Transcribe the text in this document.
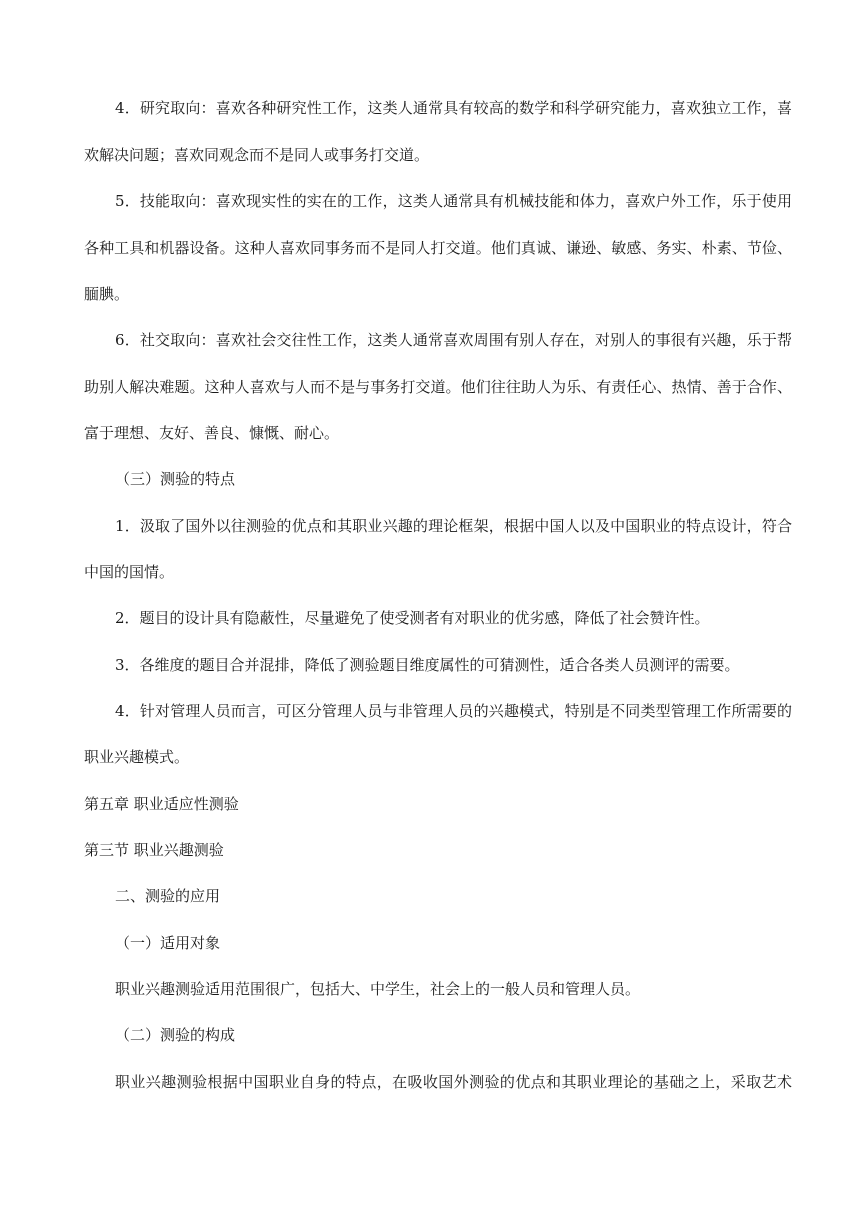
4．研究取向：喜欢各种研究性工作，这类人通常具有较高的数学和科学研究能力，喜欢独立工作，喜
欢解决问题；喜欢同观念而不是同人或事务打交道。
5．技能取向：喜欢现实性的实在的工作，这类人通常具有机械技能和体力，喜欢户外工作，乐于使用
各种工具和机器设备。这种人喜欢同事务而不是同人打交道。他们真诚、谦逊、敏感、务实、朴素、节俭、
腼腆。
6．社交取向：喜欢社会交往性工作，这类人通常喜欢周围有别人存在，对别人的事很有兴趣，乐于帮
助别人解决难题。这种人喜欢与人而不是与事务打交道。他们往往助人为乐、有责任心、热情、善于合作、
富于理想、友好、善良、慷慨、耐心。
（三）测验的特点
1．汲取了国外以往测验的优点和其职业兴趣的理论框架，根据中国人以及中国职业的特点设计，符合
中国的国情。
2．题目的设计具有隐蔽性，尽量避免了使受测者有对职业的优劣感，降低了社会赞许性。
3．各维度的题目合并混排，降低了测验题目维度属性的可猜测性，适合各类人员测评的需要。
4．针对管理人员而言，可区分管理人员与非管理人员的兴趣模式，特别是不同类型管理工作所需要的
职业兴趣模式。
第五章 职业适应性测验
第三节 职业兴趣测验
二、测验的应用
（一）适用对象
职业兴趣测验适用范围很广，包括大、中学生，社会上的一般人员和管理人员。
（二）测验的构成
职业兴趣测验根据中国职业自身的特点，在吸收国外测验的优点和其职业理论的基础之上，采取艺术
